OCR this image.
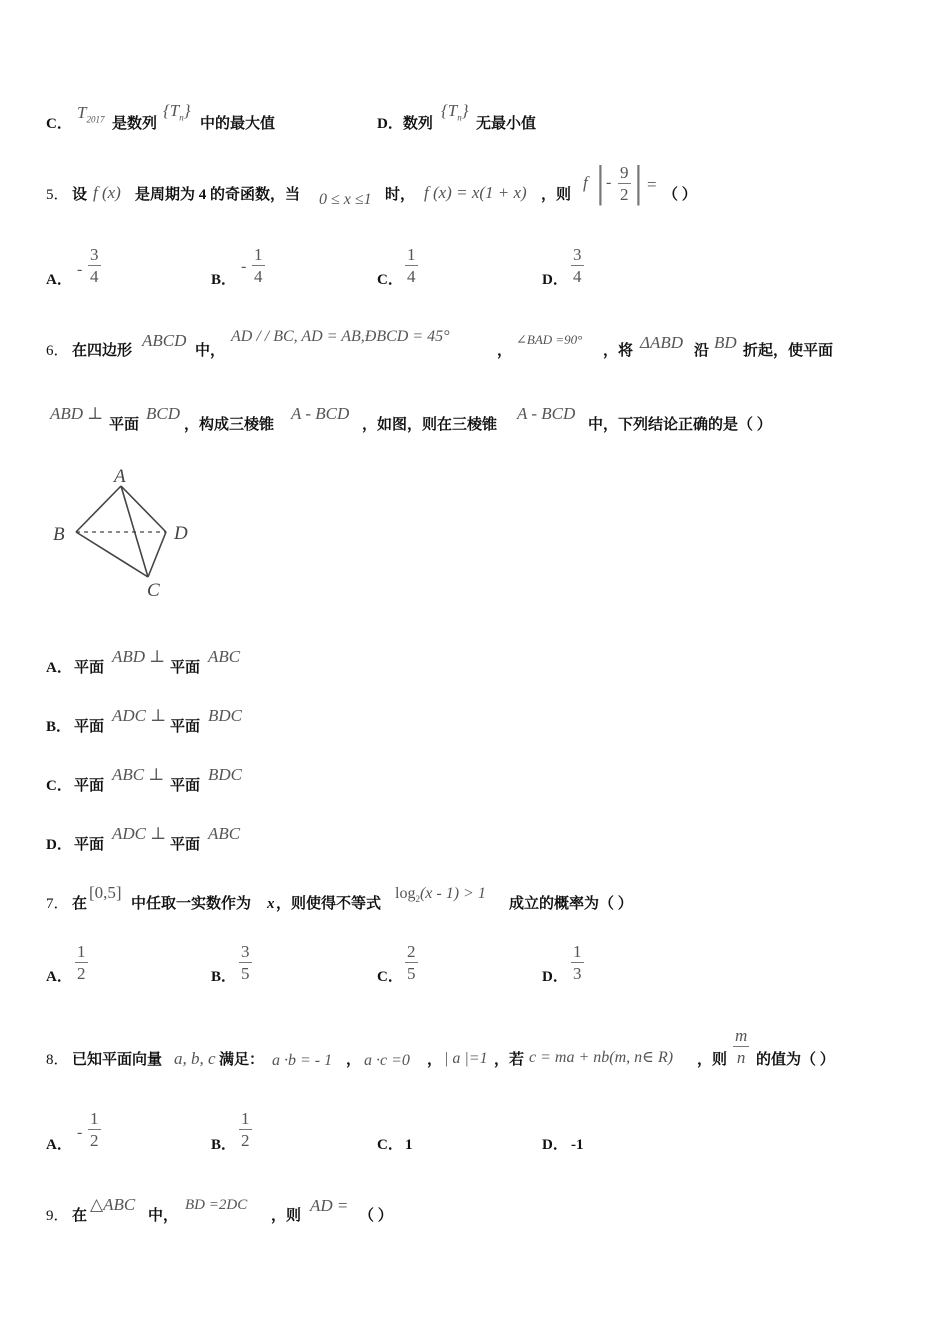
C．
$T_{2017}$ 是数列
$\{T_n\}$
中的最大值	D．数列
$\{T_n\}$
无最小值
5． 设 f (x) 是周期为 4 的奇函数，当 0 ≤ x ≤1 时， f (x) = x(1 + x) ，则
f | -
9
2 | =
（ ）
A．
-
3
4	B．
-
1
4	C．
1
4	D．
3
4
6． 在四边形
ABCD
中，
AD / / BC, AD = AB,ĐBCD = 45°
，
∠BAD =90°
，将 ΔABD 沿 BD 折起，使平面
ABD ⊥
平面
BCD
，构成三棱锥
A - BCD
，如图，则在三棱锥
A - BCD
中，下列结论正确的是（ ）
A
B	D
C
A． 平面
ABD ⊥
平面
ABC
B． 平面
ADC ⊥
平面
BDC
C． 平面
ABC ⊥
平面
BDC
D． 平面
ADC ⊥
平面
ABC
7． 在
[0,5]
中任取一实数作为 x ，则使得不等式
$\log_2(x - 1) > 1$
成立的概率为（ ）
A．
1
2	B．
3
5	C．
2
5	D．
1
3
8． 已知平面向量 a, b, c 满足： a ·b = - 1 ， a ·c =0 ， | a |=1 ，若 c = ma + nb(m, n∈ R) ，则
m
n 的值为（ ）
A．
-
1
2	B．
1
2	C． 1	D． -1
9． 在
△ABC
中，
BD =2DC
，则
AD =
（ ）
